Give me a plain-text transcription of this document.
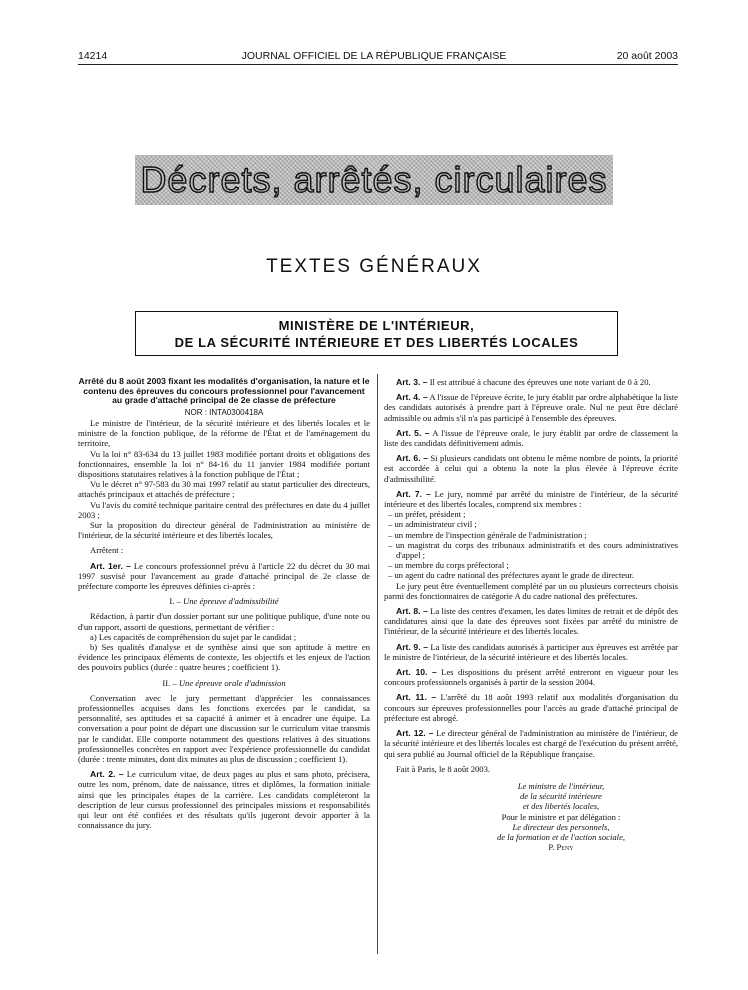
14214	JOURNAL OFFICIEL DE LA RÉPUBLIQUE FRANÇAISE	20 août 2003
Décrets, arrêtés, circulaires
TEXTES GÉNÉRAUX
MINISTÈRE DE L'INTÉRIEUR,
DE LA SÉCURITÉ INTÉRIEURE ET DES LIBERTÉS LOCALES

Arrêté du 8 août 2003 fixant les modalités d'organisation, la nature et le contenu des épreuves du concours professionnel pour l'avancement au grade d'attaché principal de 2e classe de préfecture

NOR : INTA0300418A

Le ministre de l'intérieur, de la sécurité intérieure et des libertés locales et le ministre de la fonction publique, de la réforme de l'État et de l'aménagement du territoire,

Vu la loi n° 83-634 du 13 juillet 1983 modifiée portant droits et obligations des fonctionnaires, ensemble la loi n° 84-16 du 11 janvier 1984 modifiée portant dispositions statutaires relatives à la fonction publique de l'État ;

Vu le décret n° 97-583 du 30 mai 1997 relatif au statut particulier des directeurs, attachés principaux et attachés de préfecture ;

Vu l'avis du comité technique paritaire central des préfectures en date du 4 juillet 2003 ;

Sur la proposition du directeur général de l'administration au ministère de l'intérieur, de la sécurité intérieure et des libertés locales,

Arrêtent :

Art. 1er. – Le concours professionnel prévu à l'article 22 du décret du 30 mai 1997 susvisé pour l'avancement au grade d'attaché principal de 2e classe de préfecture comporte les épreuves définies ci-après :

I. – Une épreuve d'admissibilité

Rédaction, à partir d'un dossier portant sur une politique publique, d'une note ou d'un rapport, assorti de questions, permettant de vérifier :

a) Les capacités de compréhension du sujet par le candidat ;

b) Ses qualités d'analyse et de synthèse ainsi que son aptitude à mettre en évidence les principaux éléments de contexte, les objectifs et les enjeux de l'action des pouvoirs publics (durée : quatre heures ; coefficient 1).

II. – Une épreuve orale d'admission

Conversation avec le jury permettant d'apprécier les connaissances professionnelles acquises dans les fonctions exercées par le candidat, sa personnalité, ses aptitudes et sa capacité à animer et à encadrer une équipe. La conversation a pour point de départ une discussion sur le curriculum vitae transmis par le candidat. Elle comporte notamment des questions relatives à des situations professionnelles concrètes en rapport avec l'expérience professionnelle du candidat (durée : trente minutes, dont dix minutes au plus de discussion ; coefficient 1).

Art. 2. – Le curriculum vitae, de deux pages au plus et sans photo, précisera, outre les nom, prénom, date de naissance, titres et diplômes, la formation initiale ainsi que les principales étapes de la carrière. Les candidats compléteront la description de leur cursus professionnel des principales missions et responsabilités qui leur ont été confiées et des résultats qu'ils jugeront devoir apporter à la connaissance du jury.

Art. 3. – Il est attribué à chacune des épreuves une note variant de 0 à 20.

Art. 4. – A l'issue de l'épreuve écrite, le jury établit par ordre alphabétique la liste des candidats autorisés à prendre part à l'épreuve orale. Nul ne peut être déclaré admissible ou admis s'il n'a pas participé à l'ensemble des épreuves.

Art. 5. – A l'issue de l'épreuve orale, le jury établit par ordre de classement la liste des candidats définitivement admis.

Art. 6. – Si plusieurs candidats ont obtenu le même nombre de points, la priorité est accordée à celui qui a obtenu la note la plus élevée à l'épreuve écrite d'admissibilité.

Art. 7. – Le jury, nommé par arrêté du ministre de l'intérieur, de la sécurité intérieure et des libertés locales, comprend six membres :

– un préfet, président ;

– un administrateur civil ;

– un membre de l'inspection générale de l'administration ;

– un magistrat du corps des tribunaux administratifs et des cours administratives d'appel ;

– un membre du corps préfectoral ;

– un agent du cadre national des préfectures ayant le grade de directeur.

Le jury peut être éventuellement complété par un ou plusieurs correcteurs choisis parmi des fonctionnaires de catégorie A du cadre national des préfectures.

Art. 8. – La liste des centres d'examen, les dates limites de retrait et de dépôt des candidatures ainsi que la date des épreuves sont fixées par arrêté du ministre de l'intérieur, de la sécurité intérieure et des libertés locales.

Art. 9. – La liste des candidats autorisés à participer aux épreuves est arrêtée par le ministre de l'intérieur, de la sécurité intérieure et des libertés locales.

Art. 10. – Les dispositions du présent arrêté entreront en vigueur pour les concours professionnels organisés à partir de la session 2004.

Art. 11. – L'arrêté du 18 août 1993 relatif aux modalités d'organisation du concours sur épreuves professionnelles pour l'accès au grade d'attaché principal de préfecture est abrogé.

Art. 12. – Le directeur général de l'administration au ministère de l'intérieur, de la sécurité intérieure et des libertés locales est chargé de l'exécution du présent arrêté, qui sera publié au Journal officiel de la République française.

Fait à Paris, le 8 août 2003.

Le ministre de l'intérieur,

de la sécurité intérieure

et des libertés locales,

Pour le ministre et par délégation :

Le directeur des personnels,

de la formation et de l'action sociale,

P. Peny
